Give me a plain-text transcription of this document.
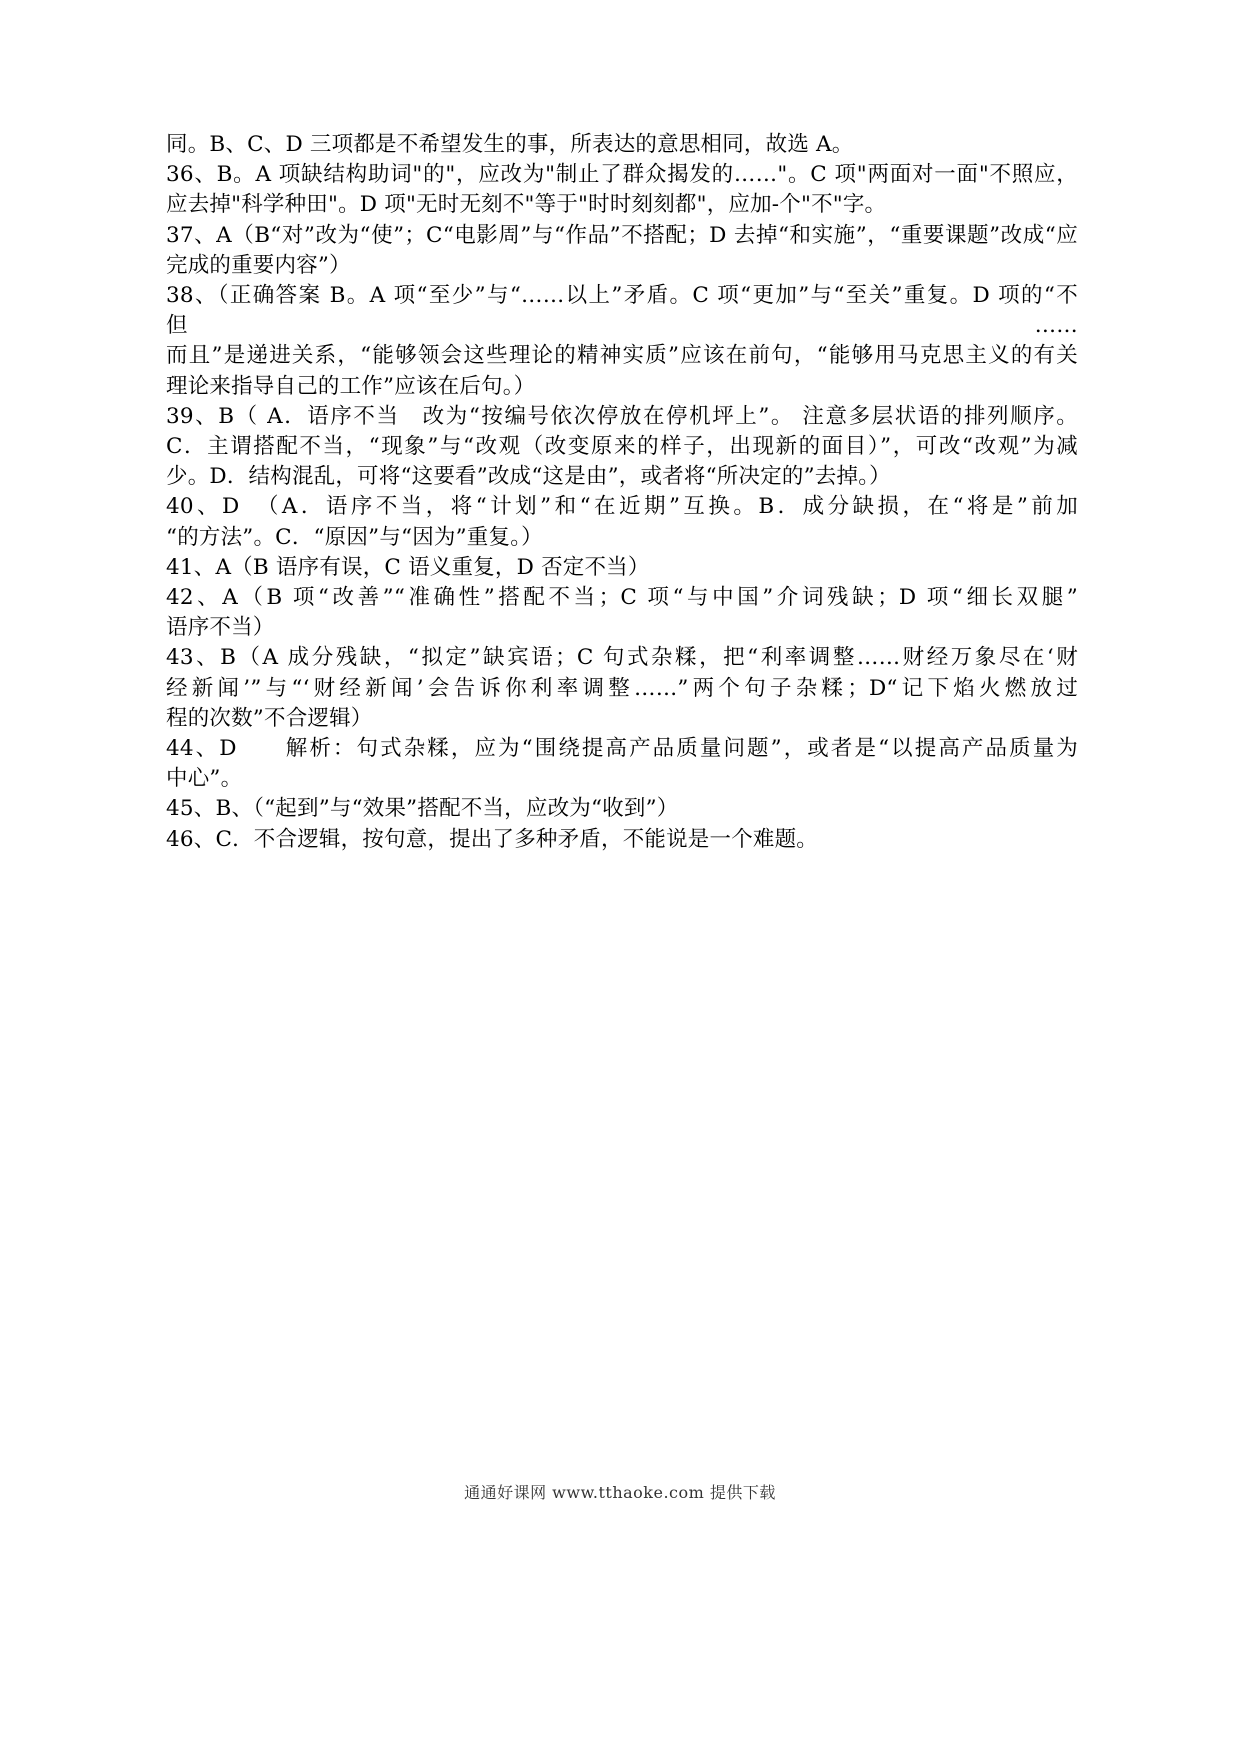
同。B、C、D 三项都是不希望发生的事，所表达的意思相同，故选 A。
36、B。A 项缺结构助词"的"，应改为"制止了群众揭发的……"。C 项"两面对一面"不照应，
应去掉"科学种田"。D 项"无时无刻不"等于"时时刻刻都"，应加-个"不"字。
37、A（B“对”改为“使”；C“电影周”与“作品”不搭配；D 去掉“和实施”，“重要课题”改成“应
完成的重要内容”）
38、（正确答案 B。A 项“至少”与“……以上”矛盾。C 项“更加”与“至关”重复。D 项的“不但……
而且”是递进关系，“能够领会这些理论的精神实质”应该在前句，“能够用马克思主义的有关
理论来指导自己的工作”应该在后句。）
39、B（ A．语序不当　改为“按编号依次停放在停机坪上”。 注意多层状语的排列顺序。
C．主谓搭配不当，“现象”与“改观（改变原来的样子，出现新的面目）”，可改“改观”为减
少。D．结构混乱，可将“这要看”改成“这是由”，或者将“所决定的”去掉。）
40、D　（A．语序不当，将“计划”和“在近期”互换。B．成分缺损，在“将是”前加
“的方法”。C．“原因”与“因为”重复。）
41、A（B 语序有误，C 语义重复，D 否定不当）
42、A（B 项“改善”“准确性”搭配不当；C 项“与中国”介词残缺；D 项“细长双腿”
语序不当）
43、B（A 成分残缺，“拟定”缺宾语；C 句式杂糅，把“利率调整……财经万象尽在‘财
经新闻’”与“‘财经新闻’会告诉你利率调整……”两个句子杂糅；D“记下焰火燃放过
程的次数”不合逻辑）
44、D　　解析：句式杂糅，应为“围绕提高产品质量问题”，或者是“以提高产品质量为
中心”。
45、B、（“起到”与“效果”搭配不当，应改为“收到”）
46、C．不合逻辑，按句意，提出了多种矛盾，不能说是一个难题。
通通好课网 www.tthaoke.com 提供下载
